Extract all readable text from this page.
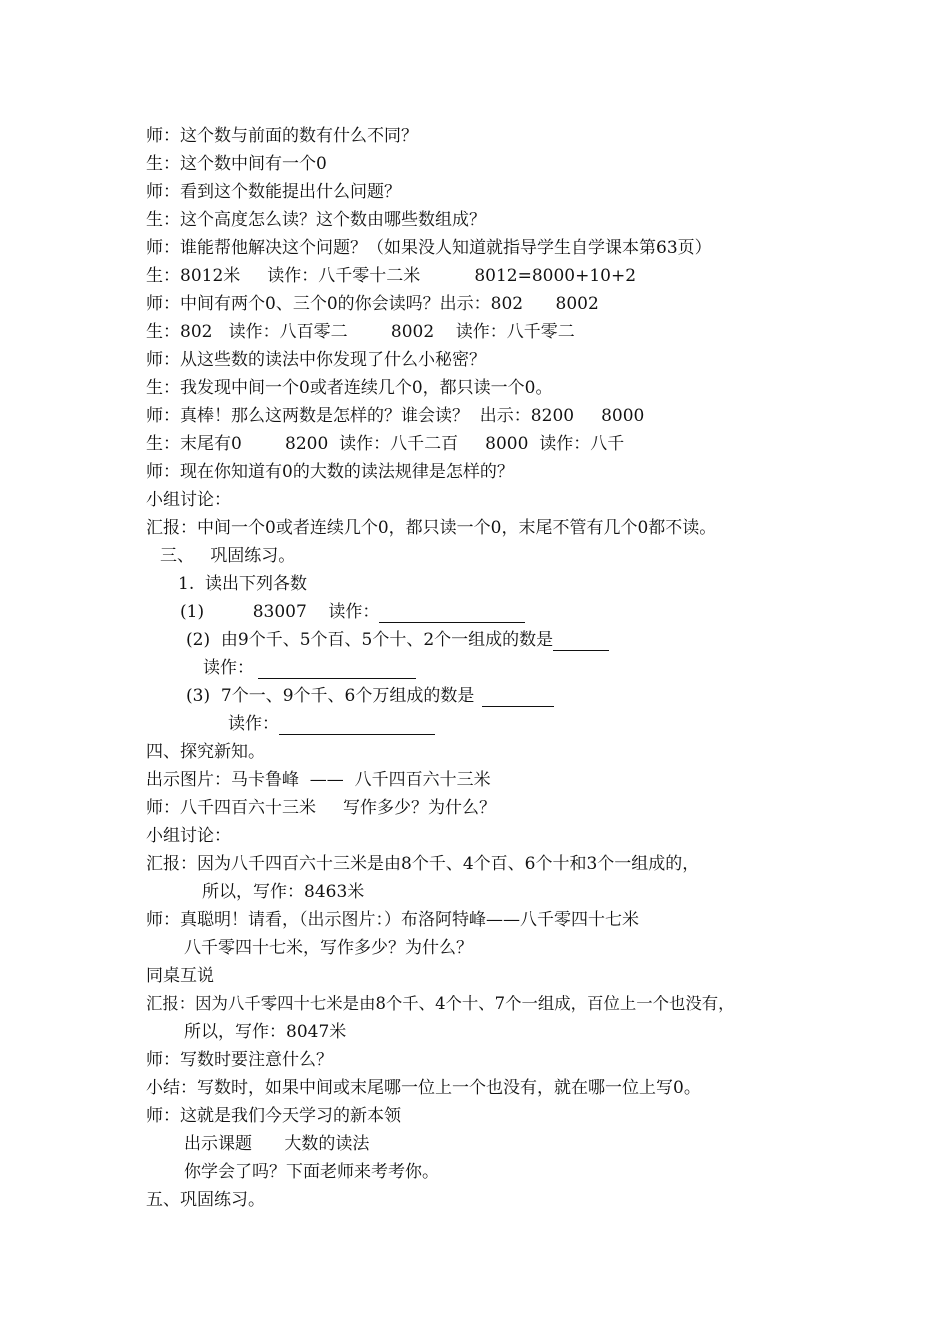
师：这个数与前面的数有什么不同？
生：这个数中间有一个0
师：看到这个数能提出什么问题？
生：这个高度怎么读？这个数由哪些数组成？
师：谁能帮他解决这个问题？（如果没人知道就指导学生自学课本第63页）
生：8012米     读作：八千零十二米          8012=8000+10+2
师：中间有两个0、三个0的你会读吗？出示：802      8002
生：802   读作：八百零二        8002    读作：八千零二
师：从这些数的读法中你发现了什么小秘密？
生：我发现中间一个0或者连续几个0，都只读一个0。
师：真棒！那么这两数是怎样的？谁会读？  出示：8200     8000
生：末尾有0        8200  读作：八千二百     8000  读作：八千
师：现在你知道有0的大数的读法规律是怎样的？
小组讨论：
汇报：中间一个0或者连续几个0，都只读一个0，末尾不管有几个0都不读。
三、   巩固练习。
1.  读出下列各数
(1)         83007    读作：
(2)  由9个千、5个百、5个十、2个一组成的数是
读作：
(3)  7个一、9个千、6个万组成的数是
读作：
四、探究新知。
出示图片：马卡鲁峰  ——  八千四百六十三米
师：八千四百六十三米     写作多少？为什么？
小组讨论：
汇报：因为八千四百六十三米是由8个千、4个百、6个十和3个一组成的，
所以，写作：8463米
师：真聪明！请看，（出示图片：）布洛阿特峰——八千零四十七米
八千零四十七米，写作多少？为什么？
同桌互说
汇报：因为八千零四十七米是由8个千、4个十、7个一组成，百位上一个也没有，
所以，写作：8047米
师：写数时要注意什么？
小结：写数时，如果中间或末尾哪一位上一个也没有，就在哪一位上写0。
师：这就是我们今天学习的新本领
出示课题      大数的读法
你学会了吗？下面老师来考考你。
五、巩固练习。
